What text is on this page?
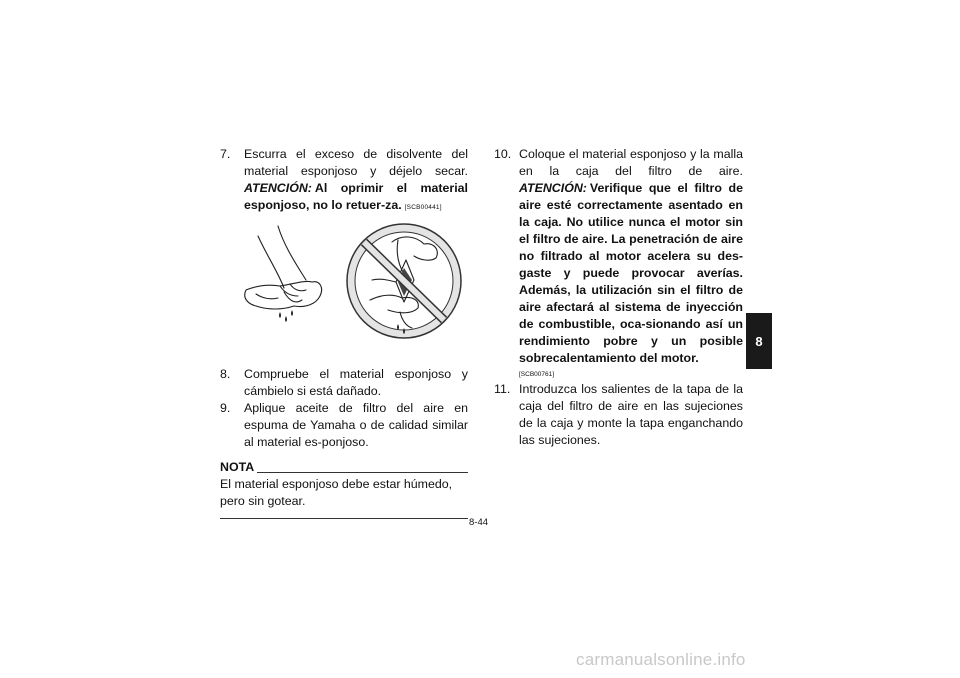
7. Escurra el exceso de disolvente del material esponjoso y déjelo secar. ATENCIÓN: Al oprimir el material esponjoso, no lo retuer-za. [SCB00441]
8. Compruebe el material esponjoso y cámbielo si está dañado.
9. Aplique aceite de filtro del aire en espuma de Yamaha o de calidad similar al material es-ponjoso.
NOTA
El material esponjoso debe estar húmedo, pero sin gotear.
10. Coloque el material esponjoso y la malla en la caja del filtro de aire. ATENCIÓN: Verifique que el filtro de aire esté correctamente asentado en la caja. No utilice nunca el motor sin el filtro de aire. La penetración de aire no filtrado al motor acelera su des-gaste y puede provocar averías. Además, la utilización sin el filtro de aire afectará al sistema de inyección de combustible, oca-sionando así un rendimiento pobre y un posible sobrecalentamiento del motor.
[SCB00761]
11. Introduzca los salientes de la tapa de la caja del filtro de aire en las sujeciones de la caja y monte la tapa enganchando las sujeciones.
8
8-44
carmanualsonline.info
